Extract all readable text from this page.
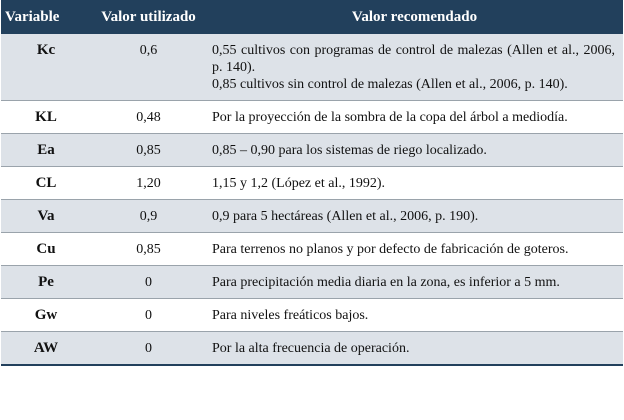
Variable	Valor utilizado	Valor recomendado
Kc	0,6	0,55 cultivos con programas de control de malezas (Allen et al., 2006, p. 140).
0,85 cultivos sin control de malezas (Allen et al., 2006, p. 140).

KL	0,48	Por la proyección de la sombra de la copa del árbol a mediodía.

Ea	0,85	0,85 – 0,90 para los sistemas de riego localizado.

CL	1,20	1,15 y 1,2 (López et al., 1992).

Va	0,9	0,9 para 5 hectáreas (Allen et al., 2006, p. 190).

Cu	0,85	Para terrenos no planos y por defecto de fabricación de goteros.

Pe	0	Para precipitación media diaria en la zona, es inferior a 5 mm.

Gw	0	Para niveles freáticos bajos.

AW	0	Por la alta frecuencia de operación.
